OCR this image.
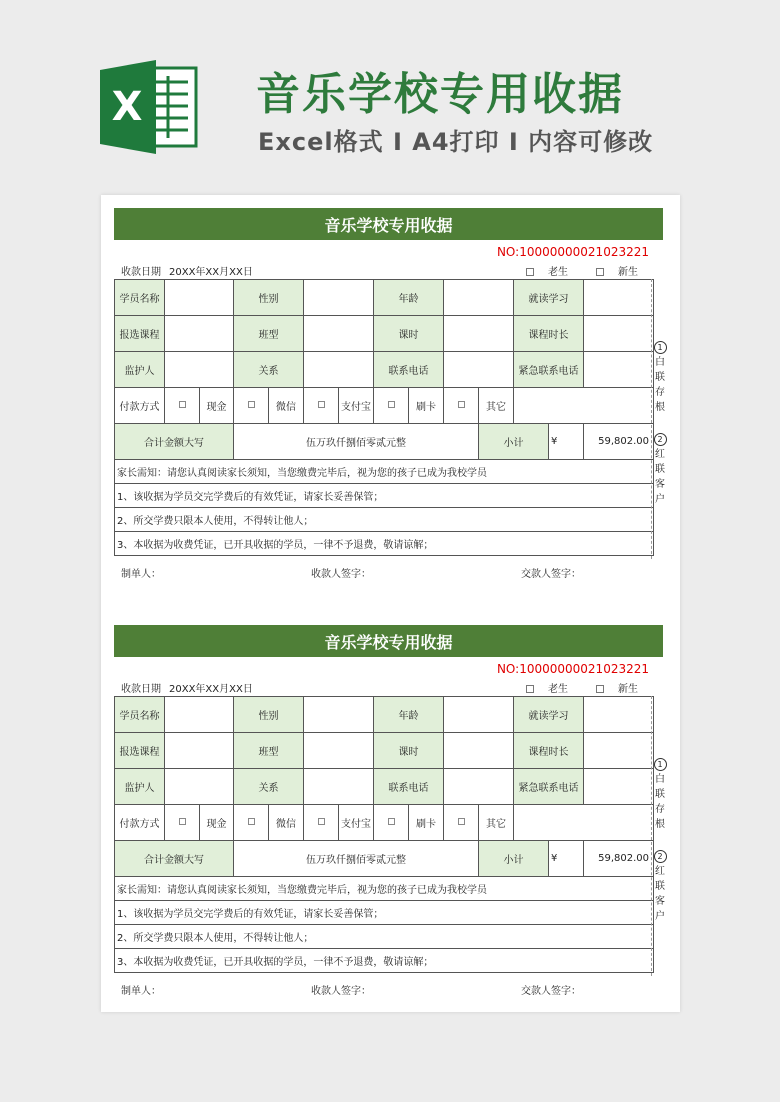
X	音乐学校专用收据
Excel格式 I A4打印 I 内容可修改
音乐学校专用收据
NO:10000000021023221
收款日期 20XX年XX月XX日	老生	新生
学员名称			性别				年龄				就读学习		
报选课程			班型				课时				课程时长		
监护人			关系				联系电话				紧急联系电话		
付款方式		现金		微信		支付宝		刷卡		其它			
合计金额大写			伍万玖仟捌佰零贰元整							小计		¥	59,802.00
家长需知：请您认真阅读家长须知，当您缴费完毕后，视为您的孩子已成为我校学员													
1、该收据为学员交完学费后的有效凭证，请家长妥善保管；													
2、所交学费只限本人使用，不得转让他人；													
3、本收据为收费凭证，已开具收据的学员，一律不予退费，敬请谅解；													
1
白
联
存
根
2
红
联
客
户
制单人：	收款人签字：	交款人签字：
音乐学校专用收据
NO:10000000021023221
收款日期 20XX年XX月XX日	老生	新生
学员名称			性别				年龄				就读学习		
报选课程			班型				课时				课程时长		
监护人			关系				联系电话				紧急联系电话		
付款方式		现金		微信		支付宝		刷卡		其它			
合计金额大写			伍万玖仟捌佰零贰元整							小计		¥	59,802.00
家长需知：请您认真阅读家长须知，当您缴费完毕后，视为您的孩子已成为我校学员													
1、该收据为学员交完学费后的有效凭证，请家长妥善保管；													
2、所交学费只限本人使用，不得转让他人；													
3、本收据为收费凭证，已开具收据的学员，一律不予退费，敬请谅解；													
1
白
联
存
根
2
红
联
客
户
制单人：	收款人签字：	交款人签字：
